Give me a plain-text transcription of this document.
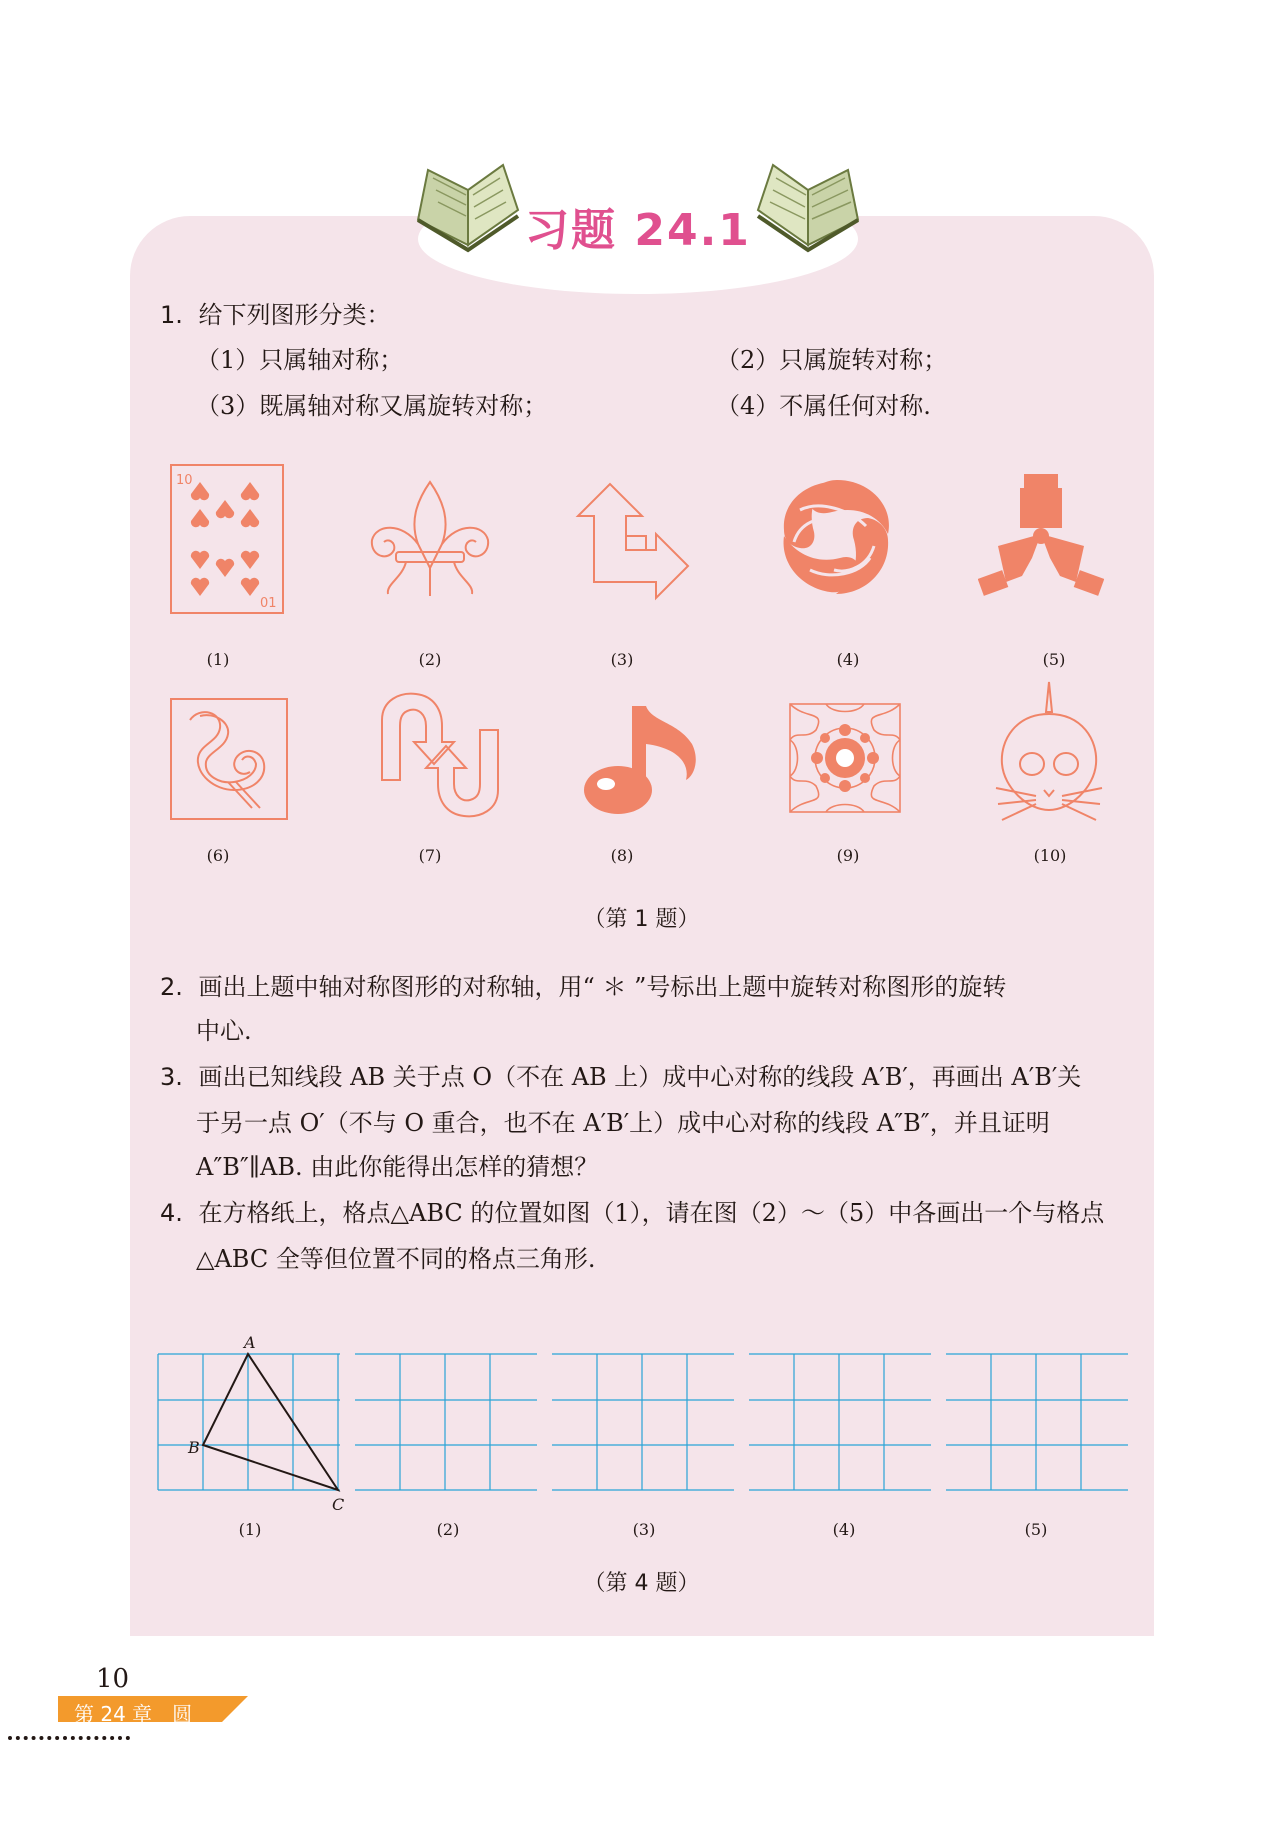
习题 24.1
1. 给下列图形分类：
（1）只属轴对称；	（2）只属旋转对称；
（3）既属轴对称又属旋转对称；	（4）不属任何对称.
10
01
(1)	(2)	(3)	(4)	(5)
(6)	(7)	(8)	(9)	(10)
（第 1 题）
2. 画出上题中轴对称图形的对称轴，用“ ＊ ”号标出上题中旋转对称图形的旋转
中心.
3. 画出已知线段 AB 关于点 O（不在 AB 上）成中心对称的线段 A′B′，再画出 A′B′关
于另一点 O′（不与 O 重合，也不在 A′B′上）成中心对称的线段 A″B″，并且证明
A″B″∥AB. 由此你能得出怎样的猜想？
4. 在方格纸上，格点△ABC 的位置如图（1），请在图（2）～（5）中各画出一个与格点
△ABC 全等但位置不同的格点三角形.
A
B
C
(1)	(2)	(3)	(4)	(5)
（第 4 题）
10
第 24 章　圆
